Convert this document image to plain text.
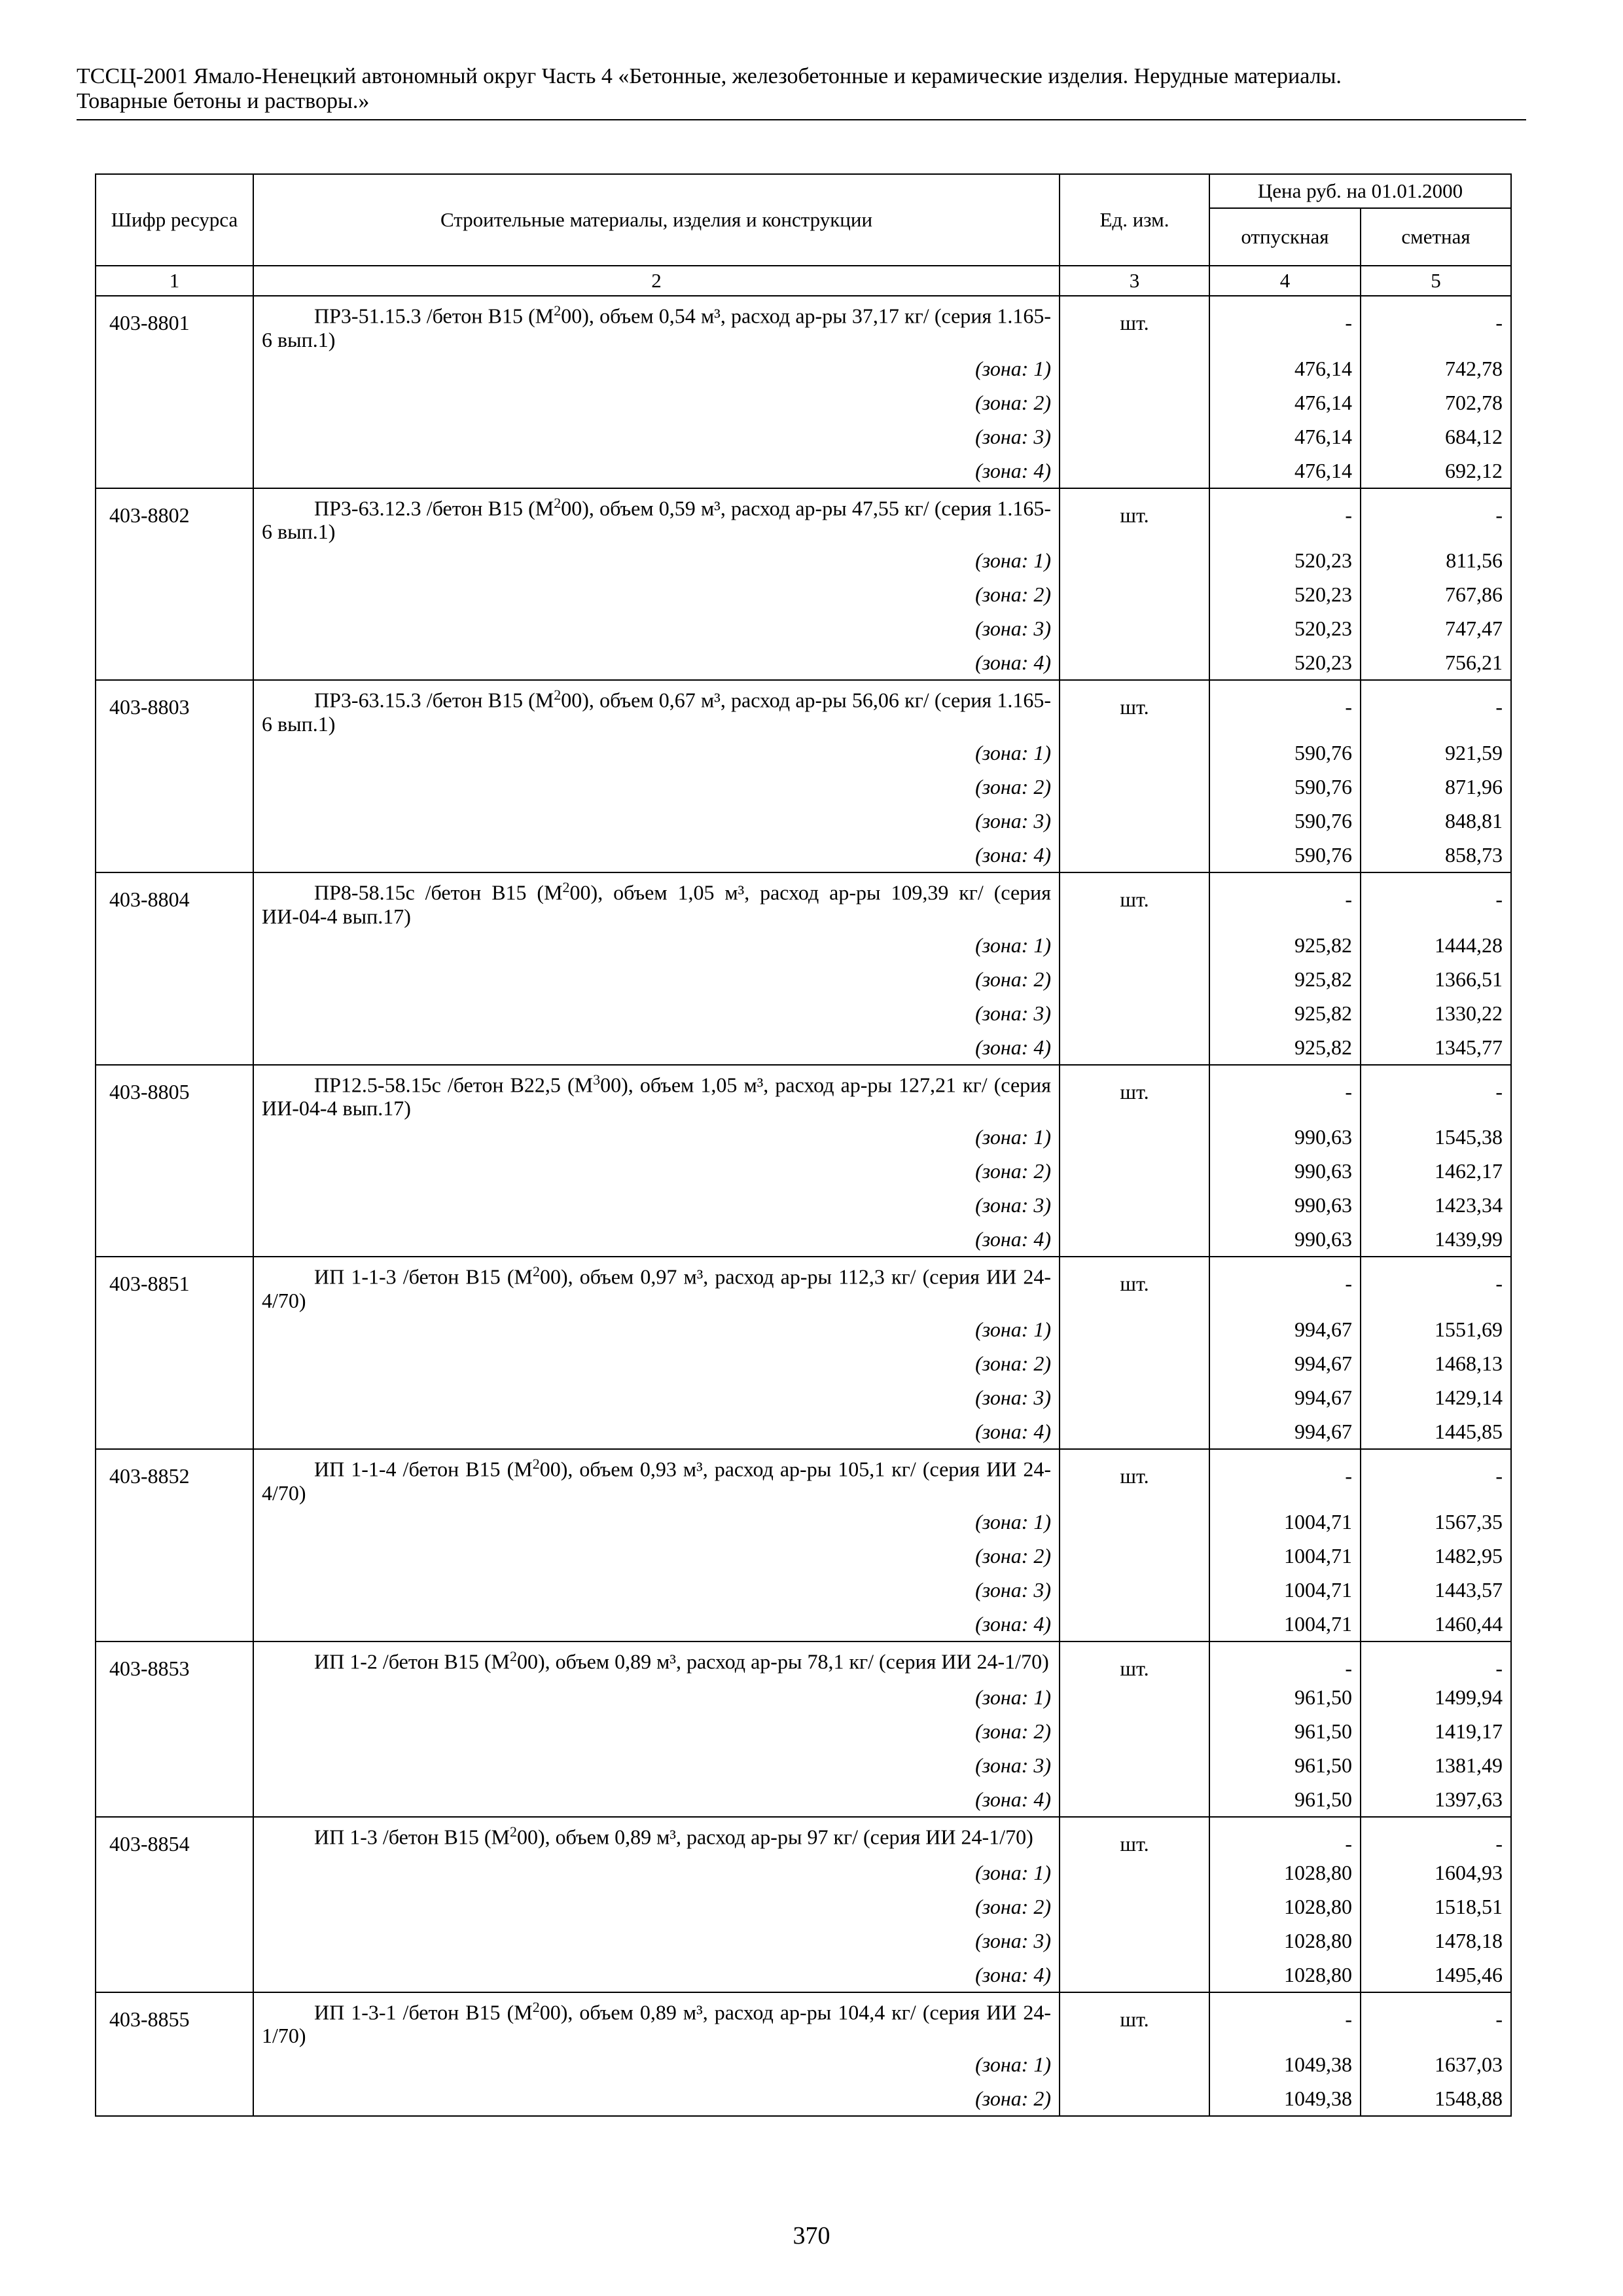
ТССЦ-2001 Ямало-Ненецкий автономный округ Часть 4 «Бетонные, железобетонные и керамические изделия. Нерудные материалы.
Товарные бетоны и растворы.»
Шифр ресурса	Строительные материалы, изделия и конструкции	Ед. изм.	Цена руб. на 01.01.2000	
			отпускная	сметная
1	2	3	4	5
403-8801	ПР3-51.15.3 /бетон В15 $(М^200)$, объем 0,54 м³, расход ар-ры 37,17 кг/ (серия 1.165-6 вып.1)	шт.	-	-
	(зона: 1)		476,14	742,78
	(зона: 2)		476,14	702,78
	(зона: 3)		476,14	684,12
	(зона: 4)		476,14	692,12
403-8802	ПР3-63.12.3 /бетон В15 $(М^200)$, объем 0,59 м³, расход ар-ры 47,55 кг/ (серия 1.165-6 вып.1)	шт.	-	-
	(зона: 1)		520,23	811,56
	(зона: 2)		520,23	767,86
	(зона: 3)		520,23	747,47
	(зона: 4)		520,23	756,21
403-8803	ПР3-63.15.3 /бетон В15 $(М^200)$, объем 0,67 м³, расход ар-ры 56,06 кг/ (серия 1.165-6 вып.1)	шт.	-	-
	(зона: 1)		590,76	921,59
	(зона: 2)		590,76	871,96
	(зона: 3)		590,76	848,81
	(зона: 4)		590,76	858,73
403-8804	ПР8-58.15с /бетон В15 $(М^200)$, объем 1,05 м³, расход ар-ры 109,39 кг/ (серия ИИ-04-4 вып.17)	шт.	-	-
	(зона: 1)		925,82	1444,28
	(зона: 2)		925,82	1366,51
	(зона: 3)		925,82	1330,22
	(зона: 4)		925,82	1345,77
403-8805	ПР12.5-58.15с /бетон В22,5 $(М^300)$, объем 1,05 м³, расход ар-ры 127,21 кг/ (серия ИИ-04-4 вып.17)	шт.	-	-
	(зона: 1)		990,63	1545,38
	(зона: 2)		990,63	1462,17
	(зона: 3)		990,63	1423,34
	(зона: 4)		990,63	1439,99
403-8851	ИП 1-1-3 /бетон В15 $(М^200)$, объем 0,97 м³, расход ар-ры 112,3 кг/ (серия ИИ 24-4/70)	шт.	-	-
	(зона: 1)		994,67	1551,69
	(зона: 2)		994,67	1468,13
	(зона: 3)		994,67	1429,14
	(зона: 4)		994,67	1445,85
403-8852	ИП 1-1-4 /бетон В15 $(М^200)$, объем 0,93 м³, расход ар-ры 105,1 кг/ (серия ИИ 24-4/70)	шт.	-	-
	(зона: 1)		1004,71	1567,35
	(зона: 2)		1004,71	1482,95
	(зона: 3)		1004,71	1443,57
	(зона: 4)		1004,71	1460,44
403-8853	ИП 1-2 /бетон В15 $(М^200)$, объем 0,89 м³, расход ар-ры 78,1 кг/ (серия ИИ 24-1/70)	шт.	-	-
	(зона: 1)		961,50	1499,94
	(зона: 2)		961,50	1419,17
	(зона: 3)		961,50	1381,49
	(зона: 4)		961,50	1397,63
403-8854	ИП 1-3 /бетон В15 $(М^200)$, объем 0,89 м³, расход ар-ры 97 кг/ (серия ИИ 24-1/70)	шт.	-	-
	(зона: 1)		1028,80	1604,93
	(зона: 2)		1028,80	1518,51
	(зона: 3)		1028,80	1478,18
	(зона: 4)		1028,80	1495,46
403-8855	ИП 1-3-1 /бетон В15 $(М^200)$, объем 0,89 м³, расход ар-ры 104,4 кг/ (серия ИИ 24-1/70)	шт.	-	-
	(зона: 1)		1049,38	1637,03
	(зона: 2)		1049,38	1548,88
370
